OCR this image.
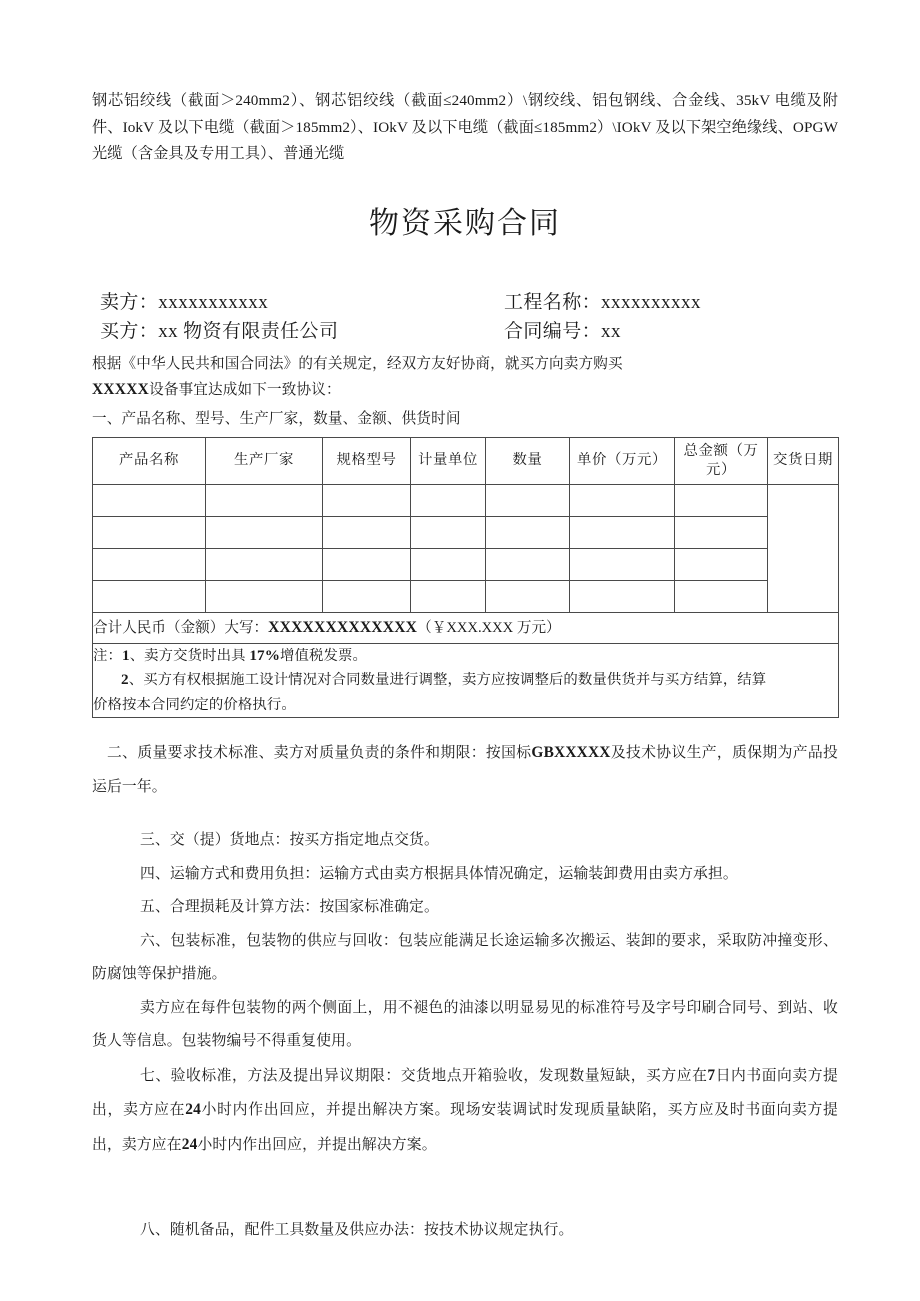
钢芯铝绞线（截面＞240mm2）、钢芯铝绞线（截面≤240mm2）\钢绞线、铝包钢线、合金线、35kV 电缆及附件、IokV 及以下电缆（截面＞185mm2）、IOkV 及以下电缆（截面≤185mm2）\IOkV 及以下架空绝缘线、OPGW 光缆（含金具及专用工具）、普通光缆
物资采购合同
卖方：xxxxxxxxxxx	工程名称：xxxxxxxxxx
买方：xx 物资有限责任公司	合同编号：xx
根据《中华人民共和国合同法》的有关规定，经双方友好协商，就买方向卖方购买
XXXXX设备事宜达成如下一致协议：
一、产品名称、型号、生产厂家，数量、金额、供货时间
产品名称	生产厂家	规格型号	计量单位	数量	单价（万元）	总金额（万元）	交货日期

合计人民币（金额）大写：XXXXXXXXXXXXX（￥XXX.XXX 万元）							

注：1、卖方交货时出具 17%增值税发票。
2、买方有权根据施工设计情况对合同数量进行调整，卖方应按调整后的数量供货并与买方结算，结算
价格按本合同约定的价格执行。							

二、质量要求技术标准、卖方对质量负责的条件和期限：按国标GBXXXXX及技术协议生产，质保期为产品投运后一年。

三、交（提）货地点：按买方指定地点交货。

四、运输方式和费用负担：运输方式由卖方根据具体情况确定，运输装卸费用由卖方承担。

五、合理损耗及计算方法：按国家标准确定。

六、包装标准，包装物的供应与回收：包装应能满足长途运输多次搬运、装卸的要求，采取防冲撞变形、防腐蚀等保护措施。

卖方应在每件包装物的两个侧面上，用不褪色的油漆以明显易见的标准符号及字号印刷合同号、到站、收货人等信息。包装物编号不得重复使用。

七、验收标准，方法及提出异议期限：交货地点开箱验收，发现数量短缺，买方应在7日内书面向卖方提出，卖方应在24小时内作出回应，并提出解决方案。现场安装调试时发现质量缺陷，买方应及时书面向卖方提出，卖方应在24小时内作出回应，并提出解决方案。

八、随机备品，配件工具数量及供应办法：按技术协议规定执行。
